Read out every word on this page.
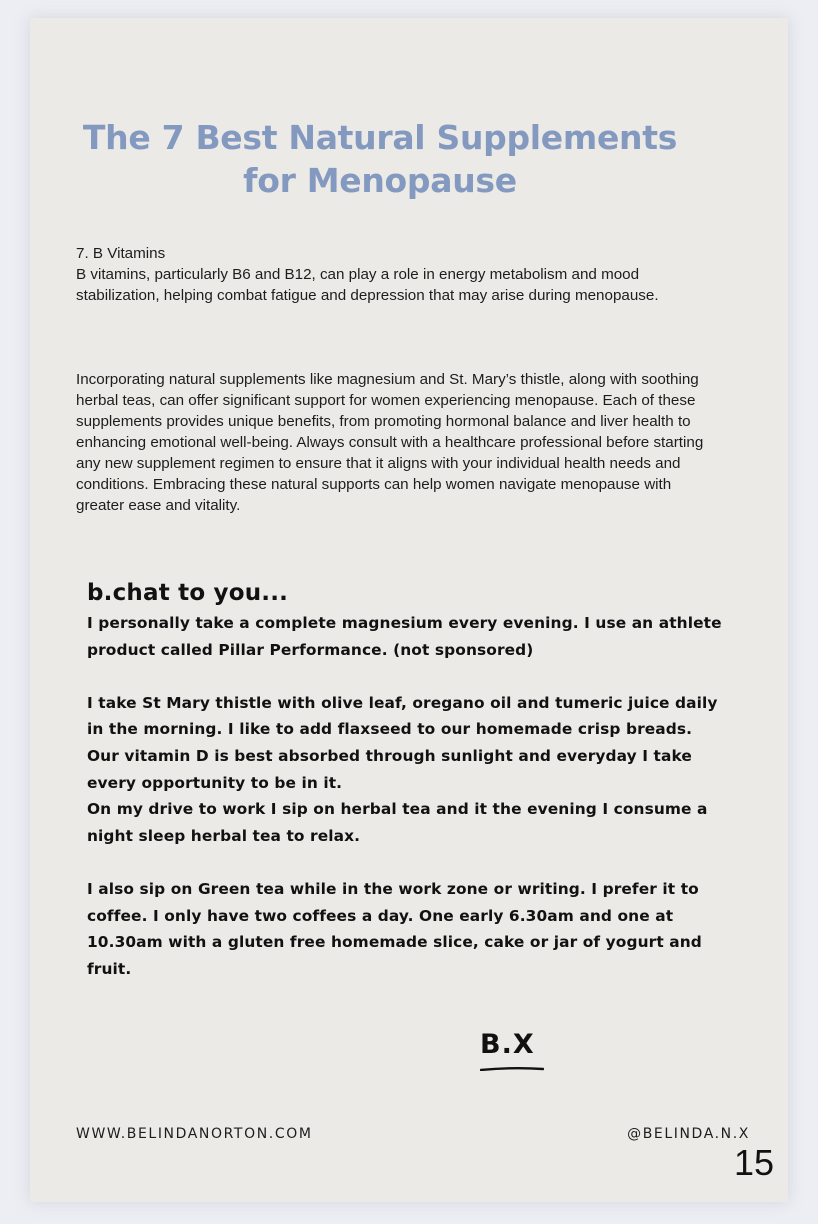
The 7 Best Natural Supplements
for Menopause

7. B Vitamins

B vitamins, particularly B6 and B12, can play a role in energy metabolism and mood stabilization, helping combat fatigue and depression that may arise during menopause.

Incorporating natural supplements like magnesium and St. Mary’s thistle, along with soothing herbal teas, can offer significant support for women experiencing menopause. Each of these supplements provides unique benefits, from promoting hormonal balance and liver health to enhancing emotional well-being. Always consult with a healthcare professional before starting any new supplement regimen to ensure that it aligns with your individual health needs and conditions. Embracing these natural supports can help women navigate menopause with greater ease and vitality.

b.chat to you...

I personally take a complete magnesium every evening. I use an athlete product called Pillar Performance. (not sponsored)

I take St Mary thistle with olive leaf, oregano oil and tumeric juice daily in the morning. I like to add flaxseed to our homemade crisp breads. Our vitamin D is best absorbed through sunlight and everyday I take every opportunity to be in it.

On my drive to work I sip on herbal tea and it the evening I consume a night sleep herbal tea to relax.

I also sip on Green tea while in the work zone or writing. I prefer it to coffee. I only have two coffees a day. One early 6.30am and one at 10.30am with a gluten free homemade slice, cake or jar of yogurt and fruit.

B.X
WWW.BELINDANORTON.COM	@BELINDA.N.X
15
